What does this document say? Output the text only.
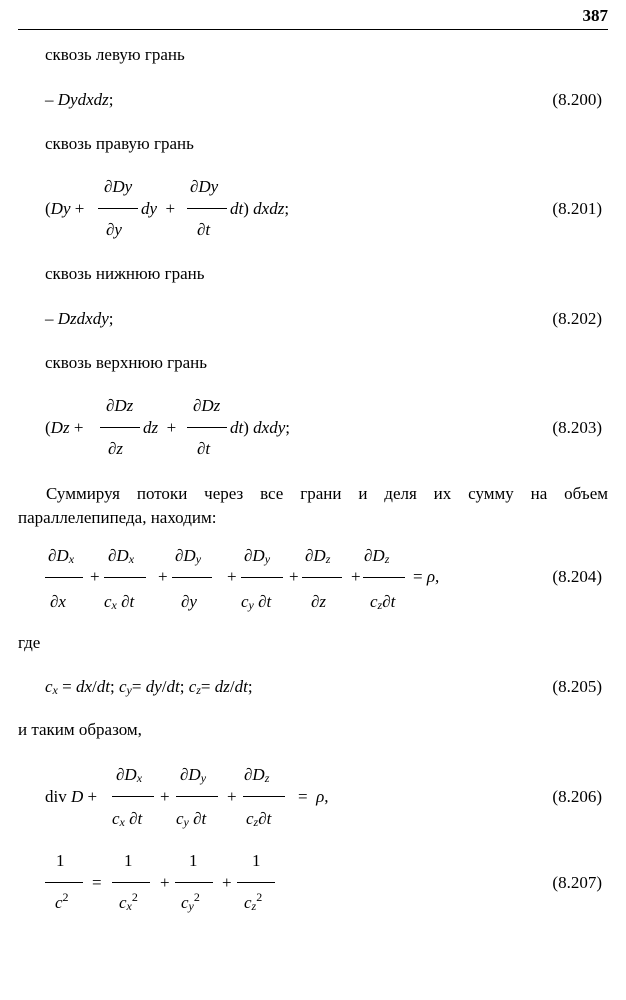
387
сквозь левую грань
– Dydxdz;	(8.200)
сквозь правую грань
∂Dy
∂y
∂Dy
∂t
(Dy +	dy  +	dt) dxdz;	(8.201)
сквозь нижнюю грань
– Dzdxdy;	(8.202)
сквозь верхнюю грань
∂Dz
∂z
∂Dz
∂t
(Dz +	dz  +	dt) dxdy;	(8.203)
Суммируя потоки через все грани и деля их сумму на объем параллелепипеда, находим:
$\partial D_x$
∂x
+
$\partial D_x$
$c_x$ ∂t
+
$\partial D_y$
∂y
+
$\partial D_y$
$c_y$ ∂t
+
$\partial D_z$
∂z
+
$\partial D_z$
$c_z\partial t$
= ρ,	(8.204)
где
$c_x = dx/dt$; $c_y= dy/dt$; $c_z= dz/dt$;	(8.205)
и таким образом,
div D +
$\partial D_x$
$c_x$ ∂t
+
$\partial D_y$
$c_y$ ∂t
+
$\partial D_z$
$c_z\partial t$
=  ρ,	(8.206)
1
$c^2$
=
1
$c_x^2$
+
1
$c_y^2$
+
1
$c_z^2$
(8.207)
